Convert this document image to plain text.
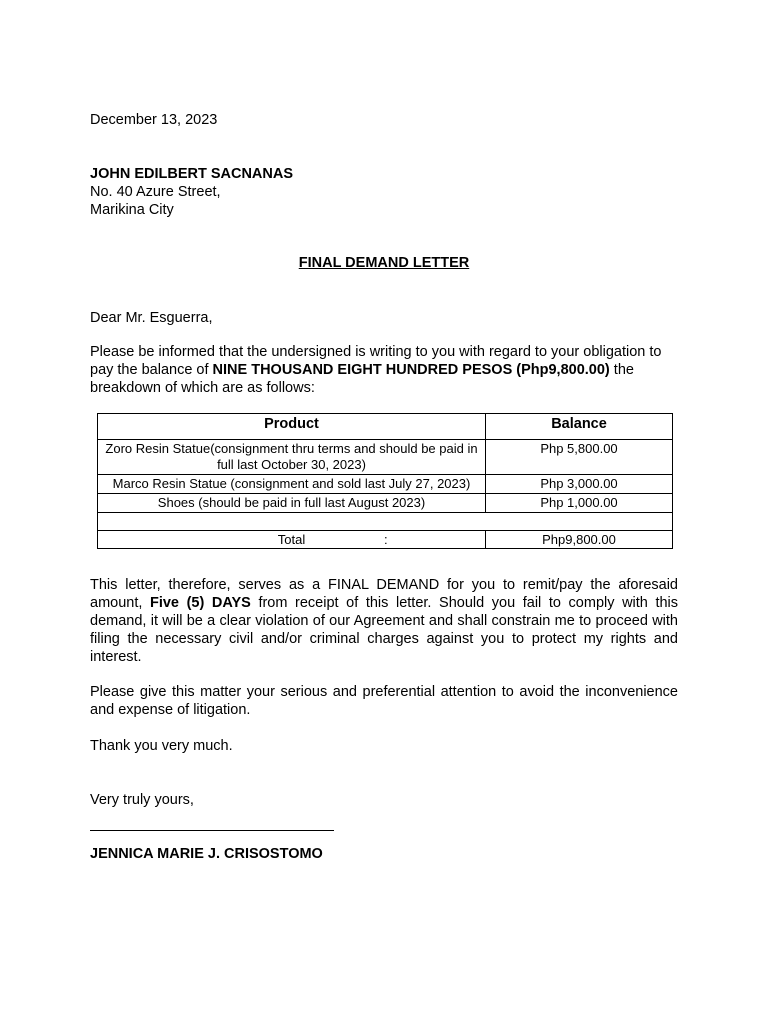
December 13, 2023
JOHN EDILBERT SACNANAS
No. 40 Azure Street,
Marikina City
FINAL DEMAND LETTER
Dear Mr. Esguerra,
Please be informed that the undersigned is writing to you with regard to your obligation to pay the balance of NINE THOUSAND EIGHT HUNDRED PESOS (Php9,800.00) the breakdown of which are as follows:
Product	Balance
Zoro Resin Statue(consignment thru terms and should be paid in full last October 30, 2023)	Php 5,800.00
Marco Resin Statue (consignment and sold last July 27, 2023)	Php 3,000.00
Shoes (should be paid in full last August 2023)	Php 1,000.00

Total :	Php9,800.00
This letter, therefore, serves as a FINAL DEMAND for you to remit/pay the aforesaid amount, Five (5) DAYS from receipt of this letter. Should you fail to comply with this demand, it will be a clear violation of our Agreement and shall constrain me to proceed with filing the necessary civil and/or criminal charges against you to protect my rights and interest.
Please give this matter your serious and preferential attention to avoid the inconvenience and expense of litigation.
Thank you very much.
Very truly yours,
JENNICA MARIE J. CRISOSTOMO
